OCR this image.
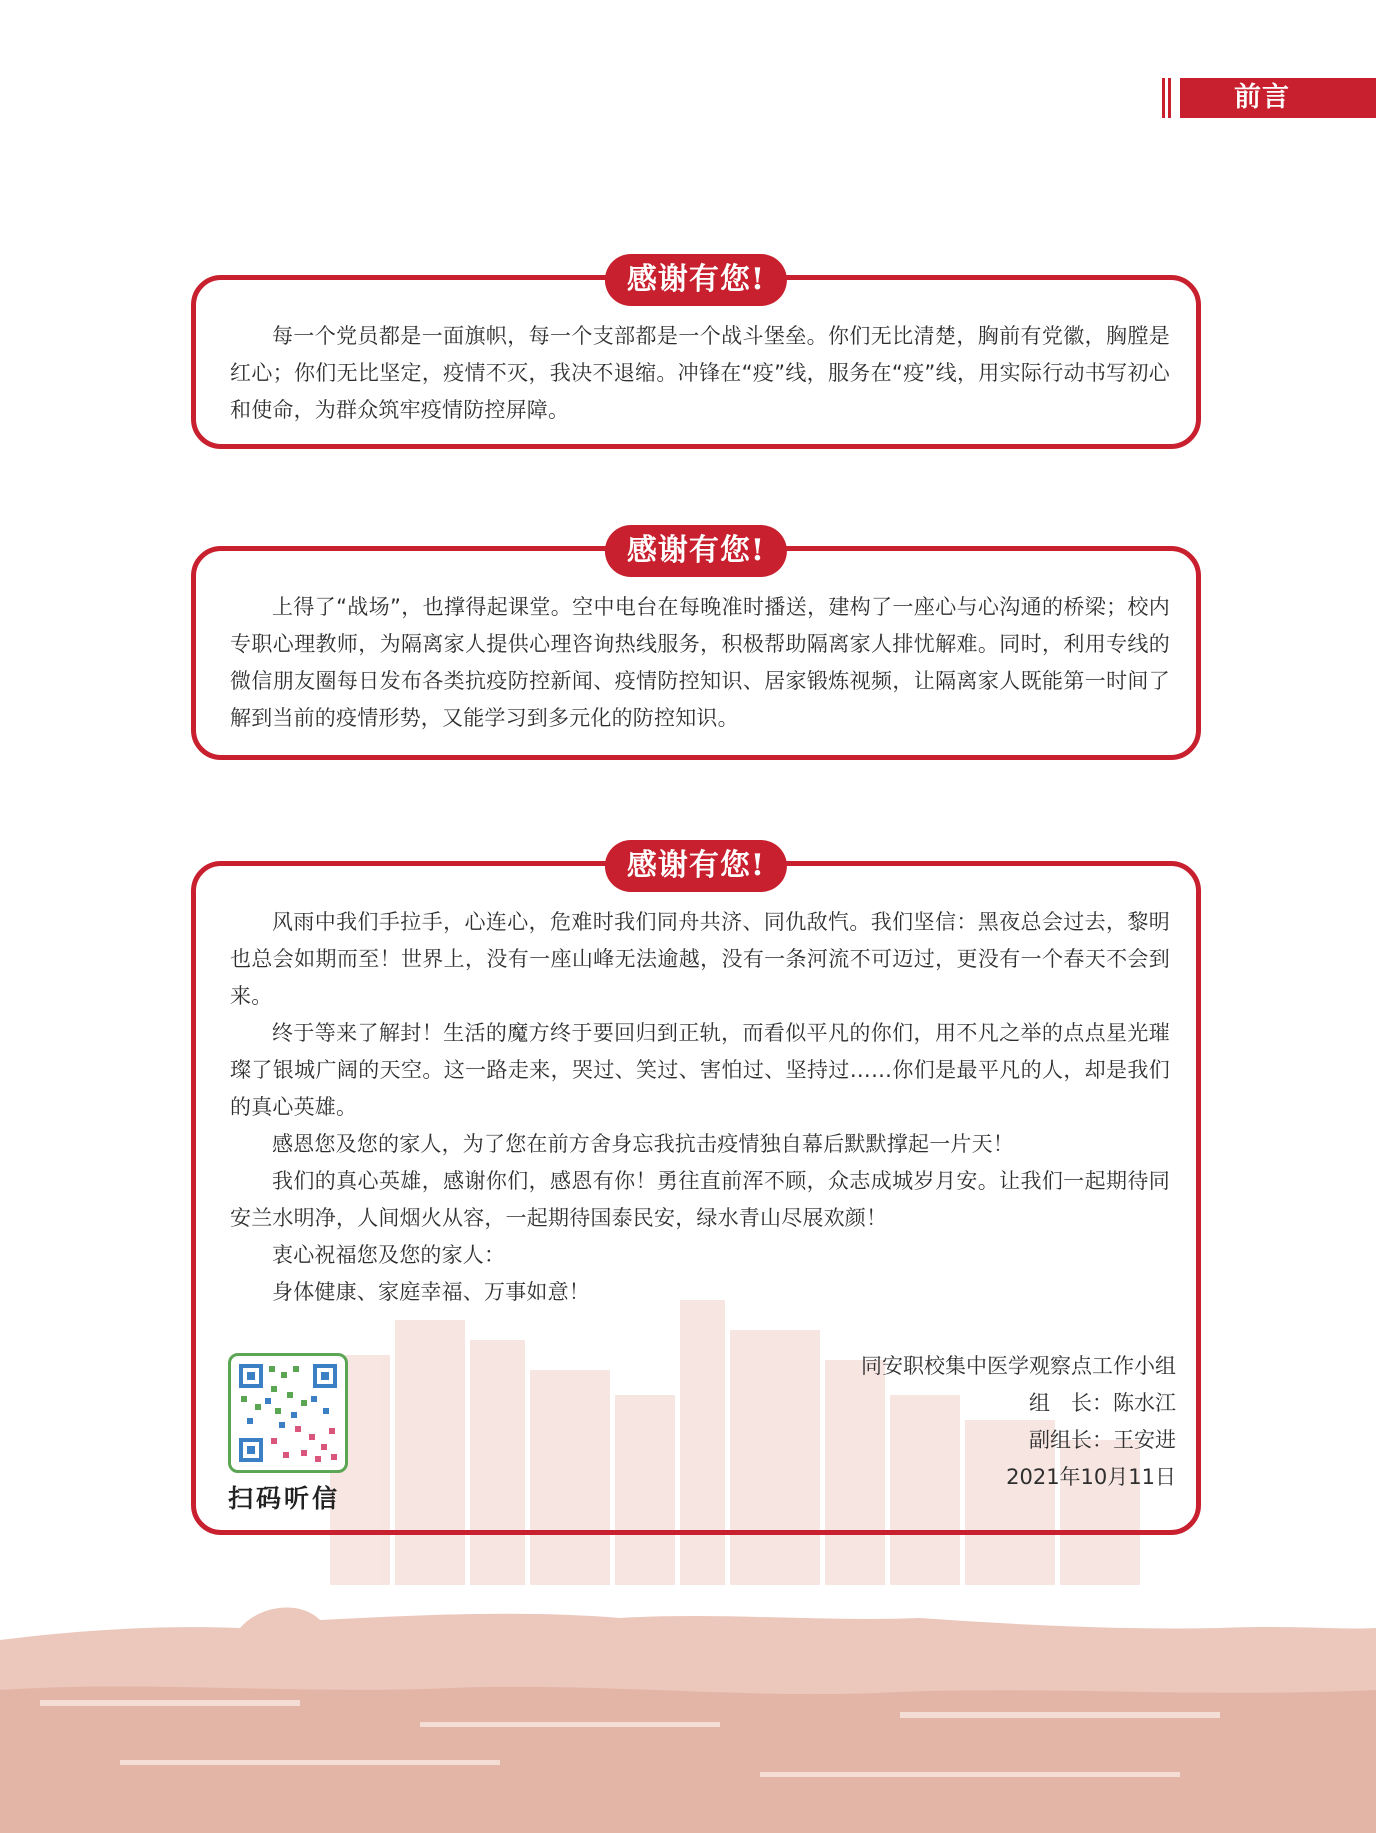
前言
感谢有您!

每一个党员都是一面旗帜，每一个支部都是一个战斗堡垒。你们无比清楚，胸前有党徽，胸膛是红心；你们无比坚定，疫情不灭，我决不退缩。冲锋在“疫”线，服务在“疫”线，用实际行动书写初心和使命，为群众筑牢疫情防控屏障。

感谢有您!

上得了“战场”，也撑得起课堂。空中电台在每晚准时播送，建构了一座心与心沟通的桥梁；校内专职心理教师，为隔离家人提供心理咨询热线服务，积极帮助隔离家人排忧解难。同时，利用专线的微信朋友圈每日发布各类抗疫防控新闻、疫情防控知识、居家锻炼视频，让隔离家人既能第一时间了解到当前的疫情形势，又能学习到多元化的防控知识。

感谢有您!

风雨中我们手拉手，心连心，危难时我们同舟共济、同仇敌忾。我们坚信：黑夜总会过去，黎明也总会如期而至！世界上，没有一座山峰无法逾越，没有一条河流不可迈过，更没有一个春天不会到来。

终于等来了解封！生活的魔方终于要回归到正轨，而看似平凡的你们，用不凡之举的点点星光璀璨了银城广阔的天空。这一路走来，哭过、笑过、害怕过、坚持过……你们是最平凡的人，却是我们的真心英雄。

感恩您及您的家人，为了您在前方舍身忘我抗击疫情独自幕后默默撑起一片天！

我们的真心英雄，感谢你们，感恩有你！勇往直前浑不顾，众志成城岁月安。让我们一起期待同安兰水明净，人间烟火从容，一起期待国泰民安，绿水青山尽展欢颜！

衷心祝福您及您的家人：

身体健康、家庭幸福、万事如意！

扫码听信
同安职校集中医学观察点工作小组
组　长：陈水江
副组长：王安进
2021年10月11日
